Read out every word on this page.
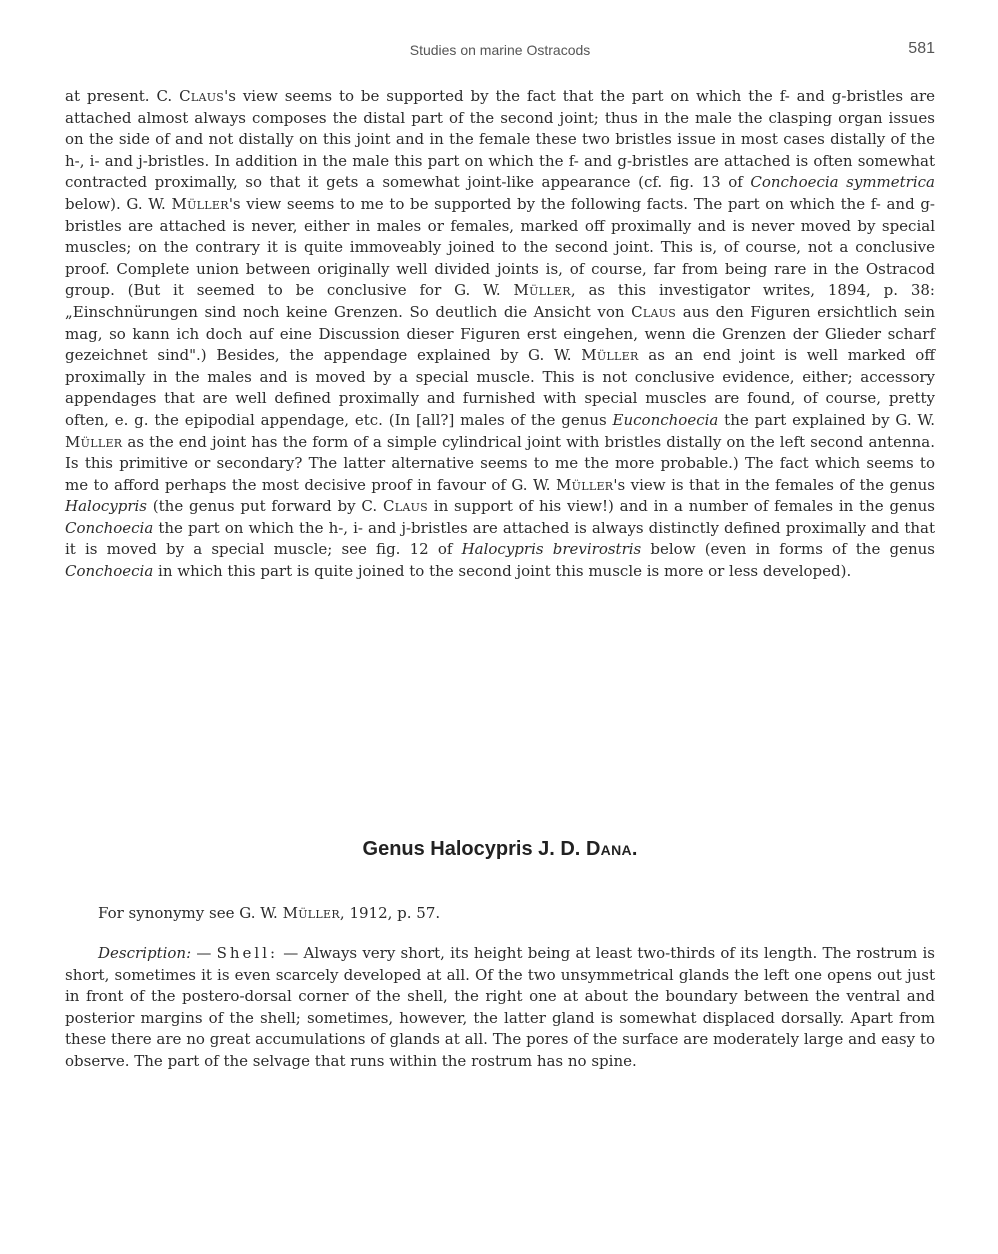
Studies on marine Ostracods	581

at present. C. Claus's view seems to be supported by the fact that the part on which the f- and g-bristles are attached almost always composes the distal part of the second joint; thus in the male the clasping organ issues on the side of and not distally on this joint and in the female these two bristles issue in most cases distally of the h-, i- and j-bristles. In addition in the male this part on which the f- and g-bristles are attached is often somewhat contracted proximally, so that it gets a somewhat joint-like appearance (cf. fig. 13 of Conchoecia symmetrica below). G. W. Müller's view seems to me to be supported by the following facts. The part on which the f- and g-bristles are attached is never, either in males or females, marked off proximally and is never moved by special muscles; on the contrary it is quite immoveably joined to the second joint. This is, of course, not a conclusive proof. Complete union between originally well divided joints is, of course, far from being rare in the Ostracod group. (But it seemed to be conclusive for G. W. Müller, as this investigator writes, 1894, p. 38: „Einschnürungen sind noch keine Grenzen. So deutlich die Ansicht von Claus aus den Figuren ersichtlich sein mag, so kann ich doch auf eine Discussion dieser Figuren erst eingehen, wenn die Grenzen der Glieder scharf gezeichnet sind".) Besides, the appendage explained by G. W. Müller as an end joint is well marked off proximally in the males and is moved by a special muscle. This is not conclusive evidence, either; accessory appendages that are well defined proximally and furnished with special muscles are found, of course, pretty often, e. g. the epipodial appendage, etc. (In [all?] males of the genus Euconchoecia the part explained by G. W. Müller as the end joint has the form of a simple cylindrical joint with bristles distally on the left second antenna. Is this primitive or secondary? The latter alternative seems to me the more probable.) The fact which seems to me to afford perhaps the most decisive proof in favour of G. W. Müller's view is that in the females of the genus Halocypris (the genus put forward by C. Claus in support of his view!) and in a number of females in the genus Conchoecia the part on which the h-, i- and j-bristles are attached is always distinctly defined proximally and that it is moved by a special muscle; see fig. 12 of Halocypris brevirostris below (even in forms of the genus Conchoecia in which this part is quite joined to the second joint this muscle is more or less developed).

Genus Halocypris J. D. Dana.

For synonymy see G. W. Müller, 1912, p. 57.

Description: — Shell: — Always very short, its height being at least two-thirds of its length. The rostrum is short, sometimes it is even scarcely developed at all. Of the two unsymmetrical glands the left one opens out just in front of the postero-dorsal corner of the shell, the right one at about the boundary between the ventral and posterior margins of the shell; sometimes, however, the latter gland is somewhat displaced dorsally. Apart from these there are no great accumulations of glands at all. The pores of the surface are moderately large and easy to observe. The part of the selvage that runs within the rostrum has no spine.
